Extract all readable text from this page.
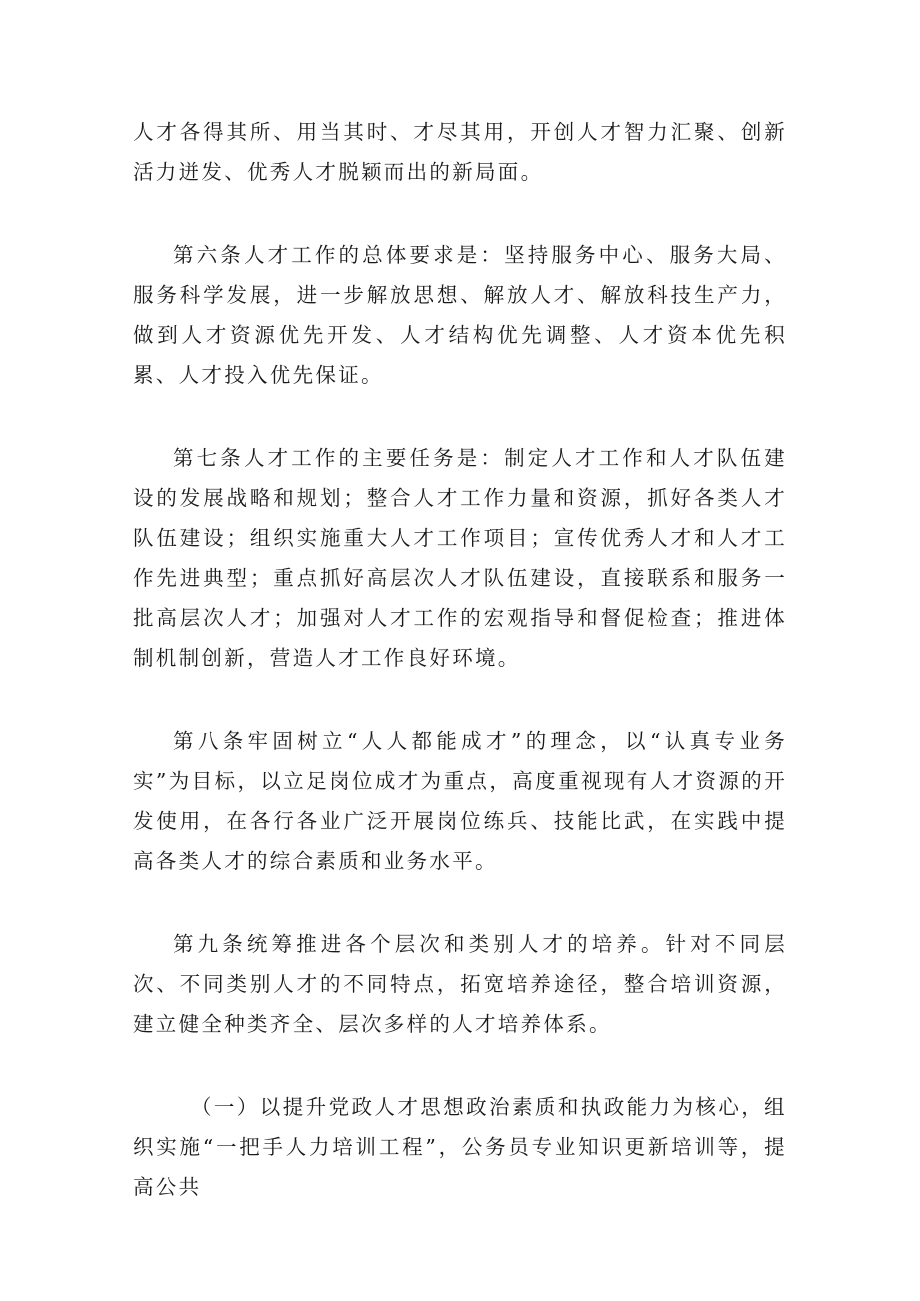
人才各得其所、用当其时、才尽其用，开创人才智力汇聚、创新活力迸发、优秀人才脱颖而出的新局面。

第六条人才工作的总体要求是：坚持服务中心、服务大局、服务科学发展，进一步解放思想、解放人才、解放科技生产力，做到人才资源优先开发、人才结构优先调整、人才资本优先积累、人才投入优先保证。

第七条人才工作的主要任务是：制定人才工作和人才队伍建设的发展战略和规划；整合人才工作力量和资源，抓好各类人才队伍建设；组织实施重大人才工作项目；宣传优秀人才和人才工作先进典型；重点抓好高层次人才队伍建设，直接联系和服务一批高层次人才；加强对人才工作的宏观指导和督促检查；推进体制机制创新，营造人才工作良好环境。

第八条牢固树立“人人都能成才”的理念，以“认真专业务实”为目标，以立足岗位成才为重点，高度重视现有人才资源的开发使用，在各行各业广泛开展岗位练兵、技能比武，在实践中提高各类人才的综合素质和业务水平。

第九条统筹推进各个层次和类别人才的培养。针对不同层次、不同类别人才的不同特点，拓宽培养途径，整合培训资源，建立健全种类齐全、层次多样的人才培养体系。

（一）以提升党政人才思想政治素质和执政能力为核心，组织实施“一把手人力培训工程”，公务员专业知识更新培训等，提高公共
